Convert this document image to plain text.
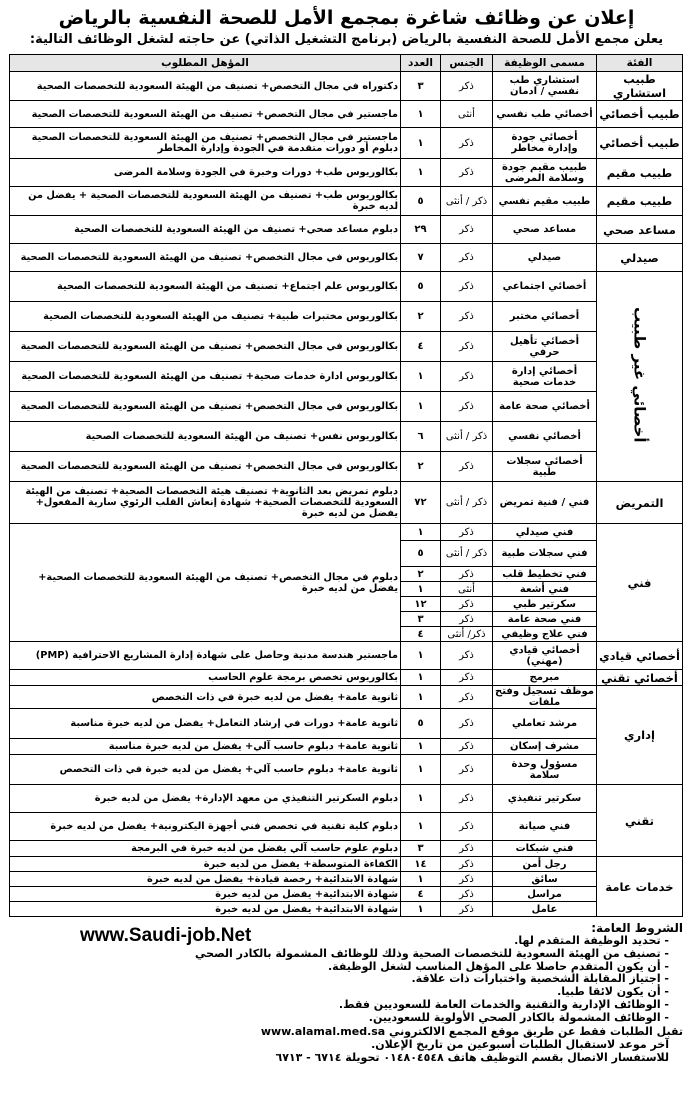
إعلان عن وظائف شاغرة بمجمع الأمل للصحة النفسية بالرياض

يعلن مجمع الأمل للصحة النفسية بالرياض (برنامج التشغيل الذاتي) عن حاجته لشغل الوظائف التالية:

الفئة	مسمى الوظيفة	الجنس	العدد	المؤهل المطلوب
طبيب استشاري	استشاري طب نفسي / ادمان	ذكر	٣	دكتوراه في مجال التخصص+ تصنيف من الهيئة السعودية للتخصصات الصحية
طبيب أخصائي	أخصائي طب نفسي	أنثى	١	ماجستير في مجال التخصص+ تصنيف من الهيئة السعودية للتخصصات الصحية
طبيب أخصائي	أخصائي جودة وإدارة مخاطر	ذكر	١	ماجستير في مجال التخصص+ تصنيف من الهيئة السعودية للتخصصات الصحية دبلوم أو دورات متقدمة في الجودة وإدارة المخاطر
طبيب مقيم	طبيب مقيم جودة وسلامة المرضى	ذكر	١	بكالوريوس طب+ دورات وخبرة في الجودة وسلامة المرضى
طبيب مقيم	طبيب مقيم نفسي	ذكر / أنثى	٥	بكالوريوس طب+ تصنيف من الهيئة السعودية للتخصصات الصحية + يفضل من لديه خبرة
مساعد صحي	مساعد صحي	ذكر	٢٩	دبلوم مساعد صحي+ تصنيف من الهيئة السعودية للتخصصات الصحية
صيدلي	صيدلي	ذكر	٧	بكالوريوس في مجال التخصص+ تصنيف من الهيئة السعودية للتخصصات الصحية
أخصائي غير طبيب	أخصائي اجتماعي	ذكر	٥	بكالوريوس علم اجتماع+ تصنيف من الهيئة السعودية للتخصصات الصحية
	أخصائي مختبر	ذكر	٢	بكالوريوس مختبرات طبية+ تصنيف من الهيئة السعودية للتخصصات الصحية
	أخصائي تأهيل حرفي	ذكر	٤	بكالوريوس في مجال التخصص+ تصنيف من الهيئة السعودية للتخصصات الصحية
	أخصائي إدارة خدمات صحية	ذكر	١	بكالوريوس ادارة خدمات صحية+ تصنيف من الهيئة السعودية للتخصصات الصحية
	أخصائي صحة عامة	ذكر	١	بكالوريوس في مجال التخصص+ تصنيف من الهيئة السعودية للتخصصات الصحية
	أخصائي نفسي	ذكر / أنثى	٦	بكالوريوس نفس+ تصنيف من الهيئة السعودية للتخصصات الصحية
	أخصائي سجلات طبية	ذكر	٢	بكالوريوس في مجال التخصص+ تصنيف من الهيئة السعودية للتخصصات الصحية
التمريض	فني / فنية تمريض	ذكر / أنثى	٧٢	دبلوم تمريض بعد الثانوية+ تصنيف هيئة التخصصات الصحية+ تصنيف من الهيئة السعودية للتخصصات الصحية+ شهادة إنعاش القلب الرئوي سارية المفعول+ يفضل من لديه خبرة
فني	فني صيدلي	ذكر	١	دبلوم في مجال التخصص+ تصنيف من الهيئة السعودية للتخصصات الصحية+ يفضل من لديه خبرة
	فني سجلات طبية	ذكر / أنثى	٥	
	فني تخطيط قلب	ذكر	٢	
	فني أشعة	أنثى	١	
	سكرتير طبي	ذكر	١٢	
	فني صحة عامة	ذكر	٣	
	فني علاج وظيفي	ذكر/ أنثى	٤	
أخصائي قيادي	أخصائي قيادي (مهني)	ذكر	١	ماجستير هندسة مدنية وحاصل على شهادة إدارة المشاريع الاحترافية (PMP)
أخصائي تقني	مبرمج	ذكر	١	بكالوريوس تخصص برمجة علوم الحاسب
إداري	موظف تسجيل وفتح ملفات	ذكر	١	ثانوية عامة+ يفضل من لديه خبرة في ذات التخصص
	مرشد تعاملي	ذكر	٥	ثانوية عامة+ دورات في إرشاد التعامل+ يفضل من لديه خبرة مناسبة
	مشرف إسكان	ذكر	١	ثانوية عامة+ دبلوم حاسب آلي+ يفضل من لديه خبرة مناسبة
	مسؤول وحدة سلامة	ذكر	١	ثانوية عامة+ دبلوم حاسب آلي+ يفضل من لديه خبرة في ذات التخصص
تقني	سكرتير تنفيذي	ذكر	١	دبلوم السكرتير التنفيذي من معهد الإدارة+ يفضل من لديه خبرة
	فني صيانة	ذكر	١	دبلوم كلية تقنية في تخصص فني أجهزة اليكترونية+ يفضل من لديه خبرة
	فني شبكات	ذكر	٣	دبلوم علوم حاسب آلي يفضل من لديه خبرة في البرمجة
خدمات عامة	رجل أمن	ذكر	١٤	الكفاءة المتوسطة+ يفضل من لديه خبرة
	سائق	ذكر	١	شهادة الابتدائية+ رخصة قيادة+ يفضل من لديه خبرة
	مراسل	ذكر	٤	شهادة الابتدائية+ يفضل من لديه خبرة
	عامل	ذكر	١	شهادة الابتدائية+ يفضل من لديه خبرة
www.Saudi-job.Net	الشروط العامة:

- تحديد الوظيفة المتقدم لها.
- تصنيف من الهيئة السعودية للتخصصات الصحية وذلك للوظائف المشمولة بالكادر الصحي
- أن يكون المتقدم حاصلا على المؤهل المناسب لشغل الوظيفة.
- اجتياز المقابلة الشخصية واختبارات ذات علاقة.
- أن يكون لائقا طبيا.
- الوظائف الإدارية والتقنية والخدمات العامة للسعوديين فقط.
- الوظائف المشمولة بالكادر الصحي الأولوية للسعوديين.

تقبل الطلبات فقط عن طريق موقع المجمع الالكتروني www.alamal.med.sa

آخر موعد لاستقبال الطلبات أسبوعين من تاريخ الإعلان.

للاستفسار الاتصال بقسم التوظيف هاتف ٠١٤٨٠٤٥٤٨ تحويلة ٦٧١٤ - ٦٧١٣
